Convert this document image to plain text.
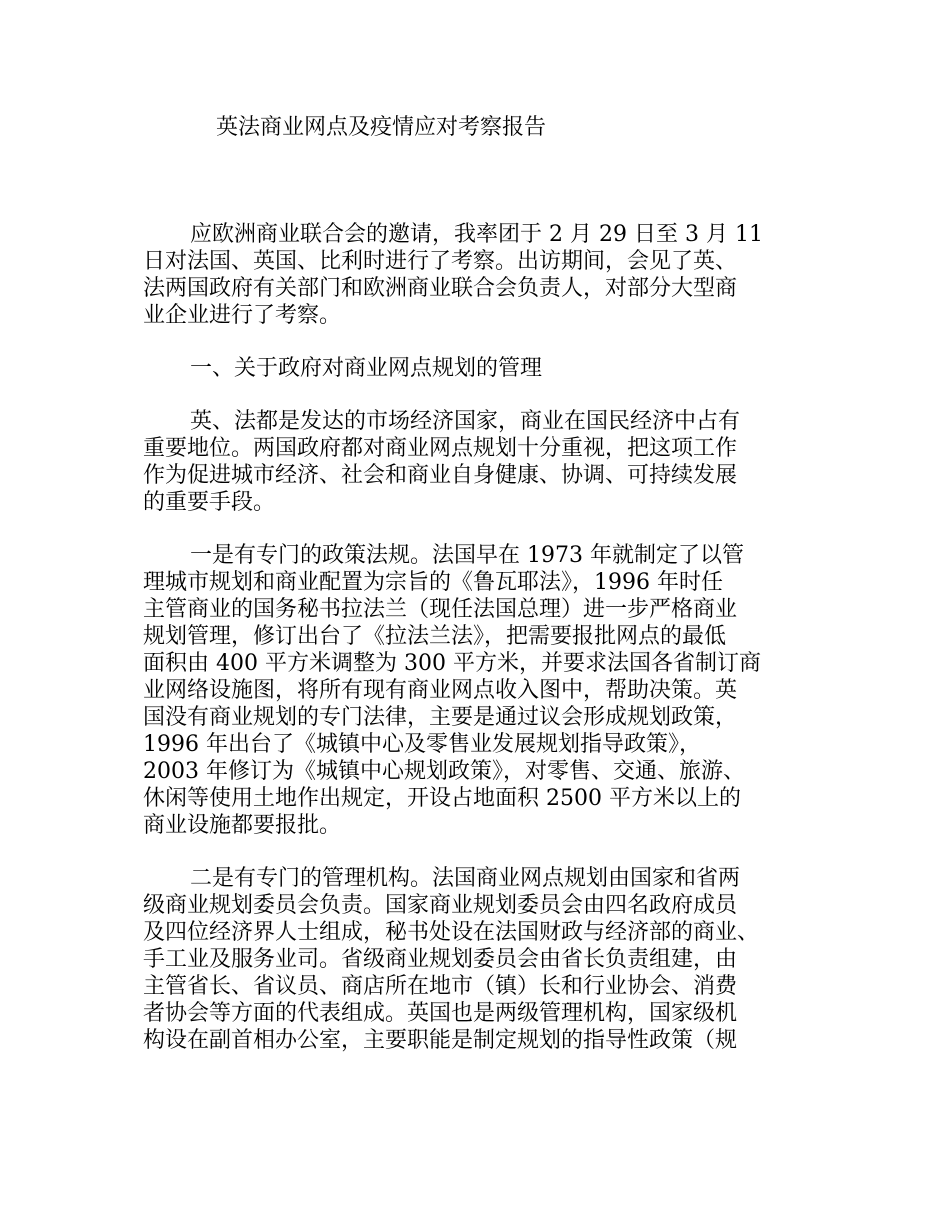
英法商业网点及疫情应对考察报告

应欧洲商业联合会的邀请，我率团于 2 月 29 日至 3 月 11
日对法国、英国、比利时进行了考察。出访期间，会见了英、
法两国政府有关部门和欧洲商业联合会负责人，对部分大型商
业企业进行了考察。

一、关于政府对商业网点规划的管理

英、法都是发达的市场经济国家，商业在国民经济中占有
重要地位。两国政府都对商业网点规划十分重视，把这项工作
作为促进城市经济、社会和商业自身健康、协调、可持续发展
的重要手段。

一是有专门的政策法规。法国早在 1973 年就制定了以管
理城市规划和商业配置为宗旨的《鲁瓦耶法》，1996 年时任
主管商业的国务秘书拉法兰（现任法国总理）进一步严格商业
规划管理，修订出台了《拉法兰法》，把需要报批网点的最低
面积由 400 平方米调整为 300 平方米，并要求法国各省制订商
业网络设施图，将所有现有商业网点收入图中，帮助决策。英
国没有商业规划的专门法律，主要是通过议会形成规划政策，
1996 年出台了《城镇中心及零售业发展规划指导政策》，
2003 年修订为《城镇中心规划政策》，对零售、交通、旅游、
休闲等使用土地作出规定，开设占地面积 2500 平方米以上的
商业设施都要报批。

二是有专门的管理机构。法国商业网点规划由国家和省两
级商业规划委员会负责。国家商业规划委员会由四名政府成员
及四位经济界人士组成，秘书处设在法国财政与经济部的商业、
手工业及服务业司。省级商业规划委员会由省长负责组建，由
主管省长、省议员、商店所在地市（镇）长和行业协会、消费
者协会等方面的代表组成。英国也是两级管理机构，国家级机
构设在副首相办公室，主要职能是制定规划的指导性政策（规
